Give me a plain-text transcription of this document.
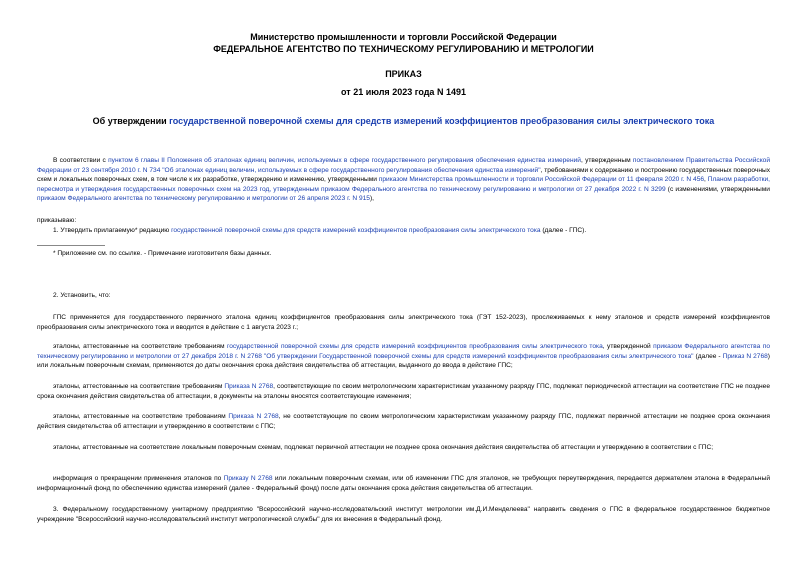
Министерство промышленности и торговли Российской Федерации
ФЕДЕРАЛЬНОЕ АГЕНТСТВО ПО ТЕХНИЧЕСКОМУ РЕГУЛИРОВАНИЮ И МЕТРОЛОГИИ
ПРИКАЗ
от 21 июля 2023 года N 1491
Об утверждении государственной поверочной схемы для средств измерений коэффициентов преобразования силы электрического тока

В соответствии с пунктом 6 главы II Положения об эталонах единиц величин, используемых в сфере государственного регулирования обеспечения единства измерений, утвержденным постановлением Правительства Российской Федерации от 23 сентября 2010 г. N 734 "Об эталонах единиц величин, используемых в сфере государственного регулирования обеспечения единства измерений", требованиями к содержанию и построению государственных поверочных схем и локальных поверочных схем, в том числе к их разработке, утверждению и изменению, утвержденными приказом Министерства промышленности и торговли Российской Федерации от 11 февраля 2020 г. N 456, Планом разработки, пересмотра и утверждения государственных поверочных схем на 2023 год, утвержденным приказом Федерального агентства по техническому регулированию и метрологии от 27 декабря 2022 г. N 3299 (с изменениями, утвержденными приказом Федерального агентства по техническому регулированию и метрологии от 26 апреля 2023 г. N 915),

приказываю:

1. Утвердить прилагаемую* редакцию государственной поверочной схемы для средств измерений коэффициентов преобразования силы электрического тока (далее - ГПС).

* Приложение см. по ссылке. - Примечание изготовителя базы данных.

2. Установить, что:

ГПС применяется для государственного первичного эталона единиц коэффициентов преобразования силы электрического тока (ГЭТ 152-2023), прослеживаемых к нему эталонов и средств измерений коэффициентов преобразования силы электрического тока и вводится в действие с 1 августа 2023 г.;

эталоны, аттестованные на соответствие требованиям государственной поверочной схемы для средств измерений коэффициентов преобразования силы электрического тока, утвержденной приказом Федерального агентства по техническому регулированию и метрологии от 27 декабря 2018 г. N 2768 "Об утверждении Государственной поверочной схемы для средств измерений коэффициентов преобразования силы электрического тока" (далее - Приказ N 2768) или локальным поверочным схемам, применяются до даты окончания срока действия свидетельства об аттестации, выданного до ввода в действие ГПС;

эталоны, аттестованные на соответствие требованиям Приказа N 2768, соответствующие по своим метрологическим характеристикам указанному разряду ГПС, подлежат периодической аттестации на соответствие ГПС не позднее срока окончания действия свидетельства об аттестации, в документы на эталоны вносятся соответствующие изменения;

эталоны, аттестованные на соответствие требованиям Приказа N 2768, не соответствующие по своим метрологическим характеристикам указанному разряду ГПС, подлежат первичной аттестации не позднее срока окончания действия свидетельства об аттестации и утверждению в соответствии с ГПС;

эталоны, аттестованные на соответствие локальным поверочным схемам, подлежат первичной аттестации не позднее срока окончания действия свидетельства об аттестации и утверждению в соответствии с ГПС;

информация о прекращении применения эталонов по Приказу N 2768 или локальным поверочным схемам, или об изменении ГПС для эталонов, не требующих переутверждения, передается держателем эталона в Федеральный информационный фонд по обеспечению единства измерений (далее - Федеральный фонд) после даты окончания срока действия свидетельства об аттестации.

3. Федеральному государственному унитарному предприятию "Всероссийский научно-исследовательский институт метрологии им.Д.И.Менделеева" направить сведения о ГПС в федеральное государственное бюджетное учреждение "Всероссийский научно-исследовательский институт метрологической службы" для их внесения в Федеральный фонд.
